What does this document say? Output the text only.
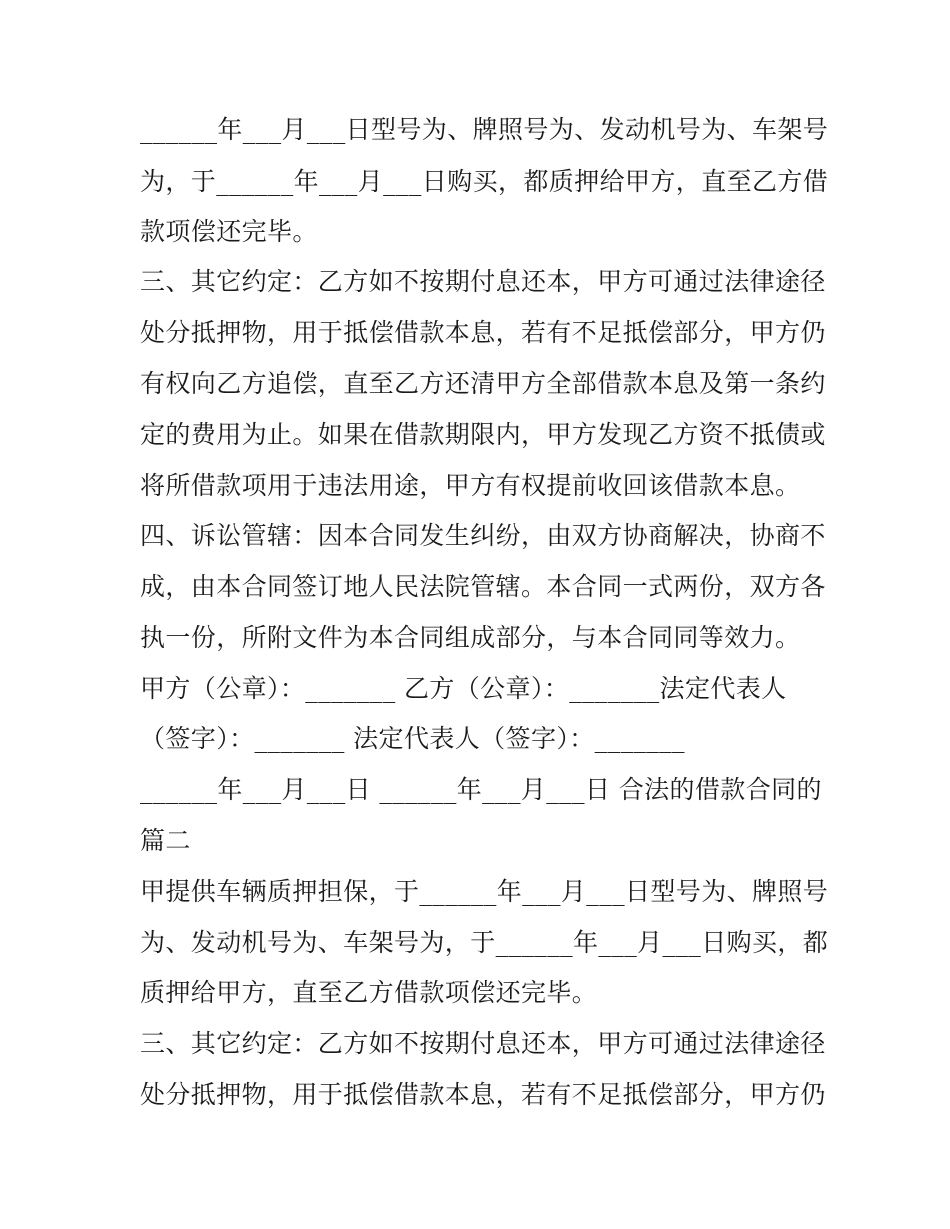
______年___月___日型号为、牌照号为、发动机号为、车架号
为，于______年___月___日购买，都质押给甲方，直至乙方借
款项偿还完毕。
三、其它约定：乙方如不按期付息还本，甲方可通过法律途径
处分抵押物，用于抵偿借款本息，若有不足抵偿部分，甲方仍
有权向乙方追偿，直至乙方还清甲方全部借款本息及第一条约
定的费用为止。如果在借款期限内，甲方发现乙方资不抵债或
将所借款项用于违法用途，甲方有权提前收回该借款本息。
四、诉讼管辖：因本合同发生纠纷，由双方协商解决，协商不
成，由本合同签订地人民法院管辖。本合同一式两份，双方各
执一份，所附文件为本合同组成部分，与本合同同等效力。
甲方（公章）：_______ 乙方（公章）：_______法定代表人
（签字）：_______ 法定代表人（签字）：_______
______年___月___日 ______年___月___日 合法的借款合同的
篇二
甲提供车辆质押担保，于______年___月___日型号为、牌照号
为、发动机号为、车架号为，于______年___月___日购买，都
质押给甲方，直至乙方借款项偿还完毕。
三、其它约定：乙方如不按期付息还本，甲方可通过法律途径
处分抵押物，用于抵偿借款本息，若有不足抵偿部分，甲方仍
